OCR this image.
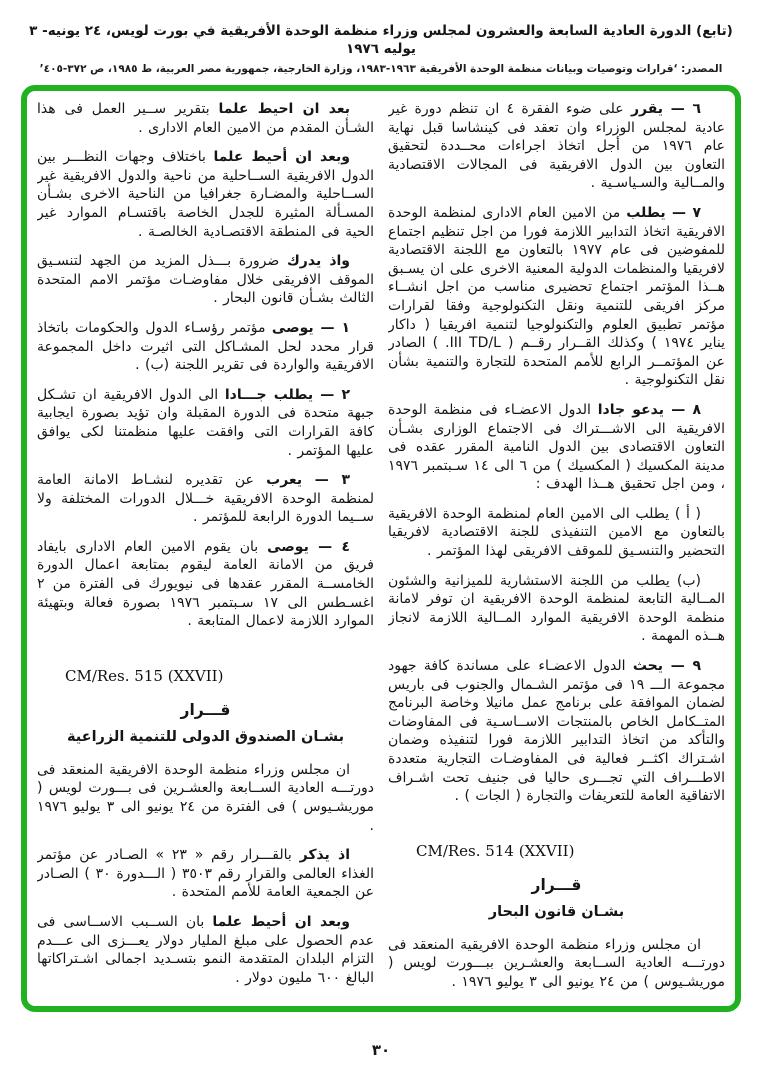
(تابع) الدورة العادية السابعة والعشرون لمجلس وزراء منظمة الوحدة الأفريقية في بورت لويس، ٢٤ يونيه- ٣ يوليه ١٩٧٦
المصدر: ‘قرارات وتوصيات وبيانات منظمة الوحدة الأفريقية ١٩٦٣-١٩٨٣، وزارة الخارجية، جمهورية مصر العربية، ط ١٩٨٥، ص ٣٧٢-٤٠٥’

٦ — يقرر على ضوء الفقرة ٤ ان تنظم دورة غير عادية لمجلس الوزراء وان تعقد فى كينشاسا قبل نهاية عام ١٩٧٦ من أجل اتخاذ اجراءات محــددة لتحقيق التعاون بين الدول الافريقية فى المجالات الاقتصادية والمــالية والسـياسـية .

٧ — يطلب من الامين العام الادارى لمنظمة الوحدة الافريقية اتخاذ التدابير اللازمة فورا من اجل تنظيم اجتماع للمفوضين فى عام ١٩٧٧ بالتعاون مع اللجنة الاقتصادية لافريقيا والمنظمات الدولية المعنية الاخرى على ان يسـبق هــذا المؤتمر اجتماع تحضيرى مناسب من اجل انشــاء مركز افريقى للتنمية ونقل التكنولوجية وفقا لقرارات مؤتمر تطبيق العلوم والتكنولوجيا لتنمية افريقيا ( داكار يناير ١٩٧٤ ) وكذلك القــرار رقــم ( III TD/L. ) الصادر عن المؤتمــر الرابع للأمم المتحدة للتجارة والتنمية بشأن نقل التكنولوجية .

٨ — يدعو جادا الدول الاعضـاء فى منظمة الوحدة الافريقية الى الاشـــتراك فى الاجتماع الوزارى بشـأن التعاون الاقتصادى بين الدول النامية المقرر عقده فى مدينة المكسيك ( المكسيك ) من ٦ الى ١٤ سـبتمبر ١٩٧٦ ، ومن اجل تحقيق هــذا الهدف :

( أ ) يطلب الى الامين العام لمنظمة الوحدة الافريقية بالتعاون مع الامين التنفيذى للجنة الاقتصادية لافريقيا التحضير والتنسـيق للموقف الافريقى لهذا المؤتمر .

(ب) يطلب من اللجنة الاستشارية للميزانية والشئون المــالية التابعة لمنظمة الوحدة الافريقية ان توفر لامانة منظمة الوحدة الافريقية الموارد المــالية اللازمة لانجاز هــذه المهمة .

٩ — يحث الدول الاعضـاء على مساندة كافة جهود مجموعة الـــ ١٩ فى مؤتمر الشـمال والجنوب فى باريس لضمان الموافقة على برنامج عمل مانيلا وخاصة البرنامج المتــكامل الخاص بالمنتجات الاســاسـية فى المفاوضات والتأكد من اتخاذ التدابير اللازمة فورا لتنفيذه وضمان اشـتراك اكثــر فعالية فى المفاوضـات التجارية متعددة الاطـــراف التي تجـــرى حاليا فى جنيف تحت اشـراف الاتفاقية العامة للتعريفات والتجارة ( الجات ) .

CM/Res. 514 (XXVII)
قـــرار
بشـان قانون البحار

ان مجلس وزراء منظمة الوحدة الافريقية المنعقد فى دورتـــه العادية الســابعة والعشـرين ببـــورت لويس ( موريشـيوس ) من ٢٤ يونيو الى ٣ يوليو ١٩٧٦ .

بعد ان احيط علما بتقرير ســير العمل فى هذا الشـأن المقدم من الامين العام الادارى .

وبعد ان أحيط علما باختلاف وجهات النظـــر بين الدول الافريقية الســاحلية من ناحية والدول الافريقية غير الســاحلية والمضـارة جغرافيا من الناحية الاخرى بشـأن المسـألة المثيرة للجدل الخاصة باقتسـام الموارد غير الحية فى المنطقة الاقتصـادية الخالصـة .

واذ يدرك ضرورة بـــذل المزيد من الجهد لتنسـيق الموقف الافريقى خلال مفاوضـات مؤتمر الامم المتحدة الثالث بشـأن قانون البحار .

١ — يوصى مؤتمر رؤسـاء الدول والحكومات باتخاذ قرار محدد لحل المشـاكل التى اثيرت داخل المجموعة الافريقية والواردة فى تقرير اللجنة (ب) .

٢ — يطلب جـــادا الى الدول الافريقية ان تشـكل جبهة متحدة فى الدورة المقبلة وان تؤيد بصورة ايجابية كافة القرارات التى وافقت عليها منظمتنا لكى يوافق عليها المؤتمر .

٣ — يعرب عن تقديره لنشـاط الامانة العامة لمنظمة الوحدة الافريقية خـــلال الدورات المختلفة ولا ســيما الدورة الرابعة للمؤتمر .

٤ — يوصى بان يقوم الامين العام الادارى بايفاد فريق من الامانة العامة ليقوم بمتابعة اعمال الدورة الخامســة المقرر عقدها فى نيويورك فى الفترة من ٢ اغسـطس الى ١٧ سـبتمبر ١٩٧٦ بصورة فعالة وبتهيئة الموارد اللازمة لاعمال المتابعة .

CM/Res. 515 (XXVII)
قـــرار
بشـان الصندوق الدولى للتنمية الزراعية

ان مجلس وزراء منظمة الوحدة الافريقية المنعقد فى دورتـــه العادية الســابعة والعشـرين فى بـــورت لويس ( موريشـيوس ) فى الفترة من ٢٤ يونيو الى ٣ يوليو ١٩٧٦ .

اذ يذكر بالقـــرار رقم « ٢٣ » الصـادر عن مؤتمر الغذاء العالمى والقرار رقم ٣٥٠٣ ( الـــدورة ٣٠ ) الصـادر عن الجمعية العامة للأمم المتحدة .

وبعد ان أحيط علما بان الســبب الاســاسى فى عدم الحصول على مبلغ المليار دولار يعـــزى الى عـــدم التزام البلدان المتقدمة النمو بتسـديد اجمالى اشـتراكاتها البالغ ٦٠٠ مليون دولار .

٣٠
